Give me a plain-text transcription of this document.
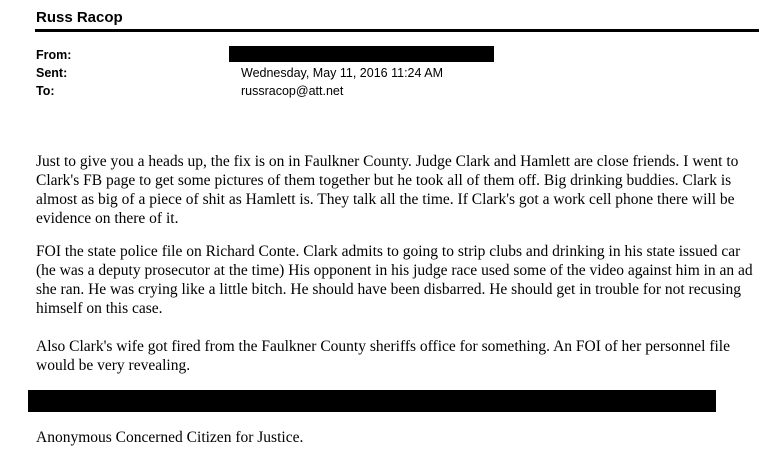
Russ Racop
From:
Sent:	Wednesday, May 11, 2016 11:24 AM
To:	russracop@att.net

Just to give you a heads up, the fix is on in Faulkner County. Judge Clark and Hamlett are close friends. I went to Clark's FB page to get some pictures of them together but he took all of them off. Big drinking buddies. Clark is almost as big of a piece of shit as Hamlett is. They talk all the time. If Clark's got a work cell phone there will be evidence on there of it.

FOI the state police file on Richard Conte. Clark admits to going to strip clubs and drinking in his state issued car (he was a deputy prosecutor at the time) His opponent in his judge race used some of the video against him in an ad she ran. He was crying like a little bitch. He should have been disbarred. He should get in trouble for not recusing himself on this case.

Also Clark's wife got fired from the Faulkner County sheriffs office for something. An FOI of her personnel file would be very revealing.

Anonymous Concerned Citizen for Justice.
